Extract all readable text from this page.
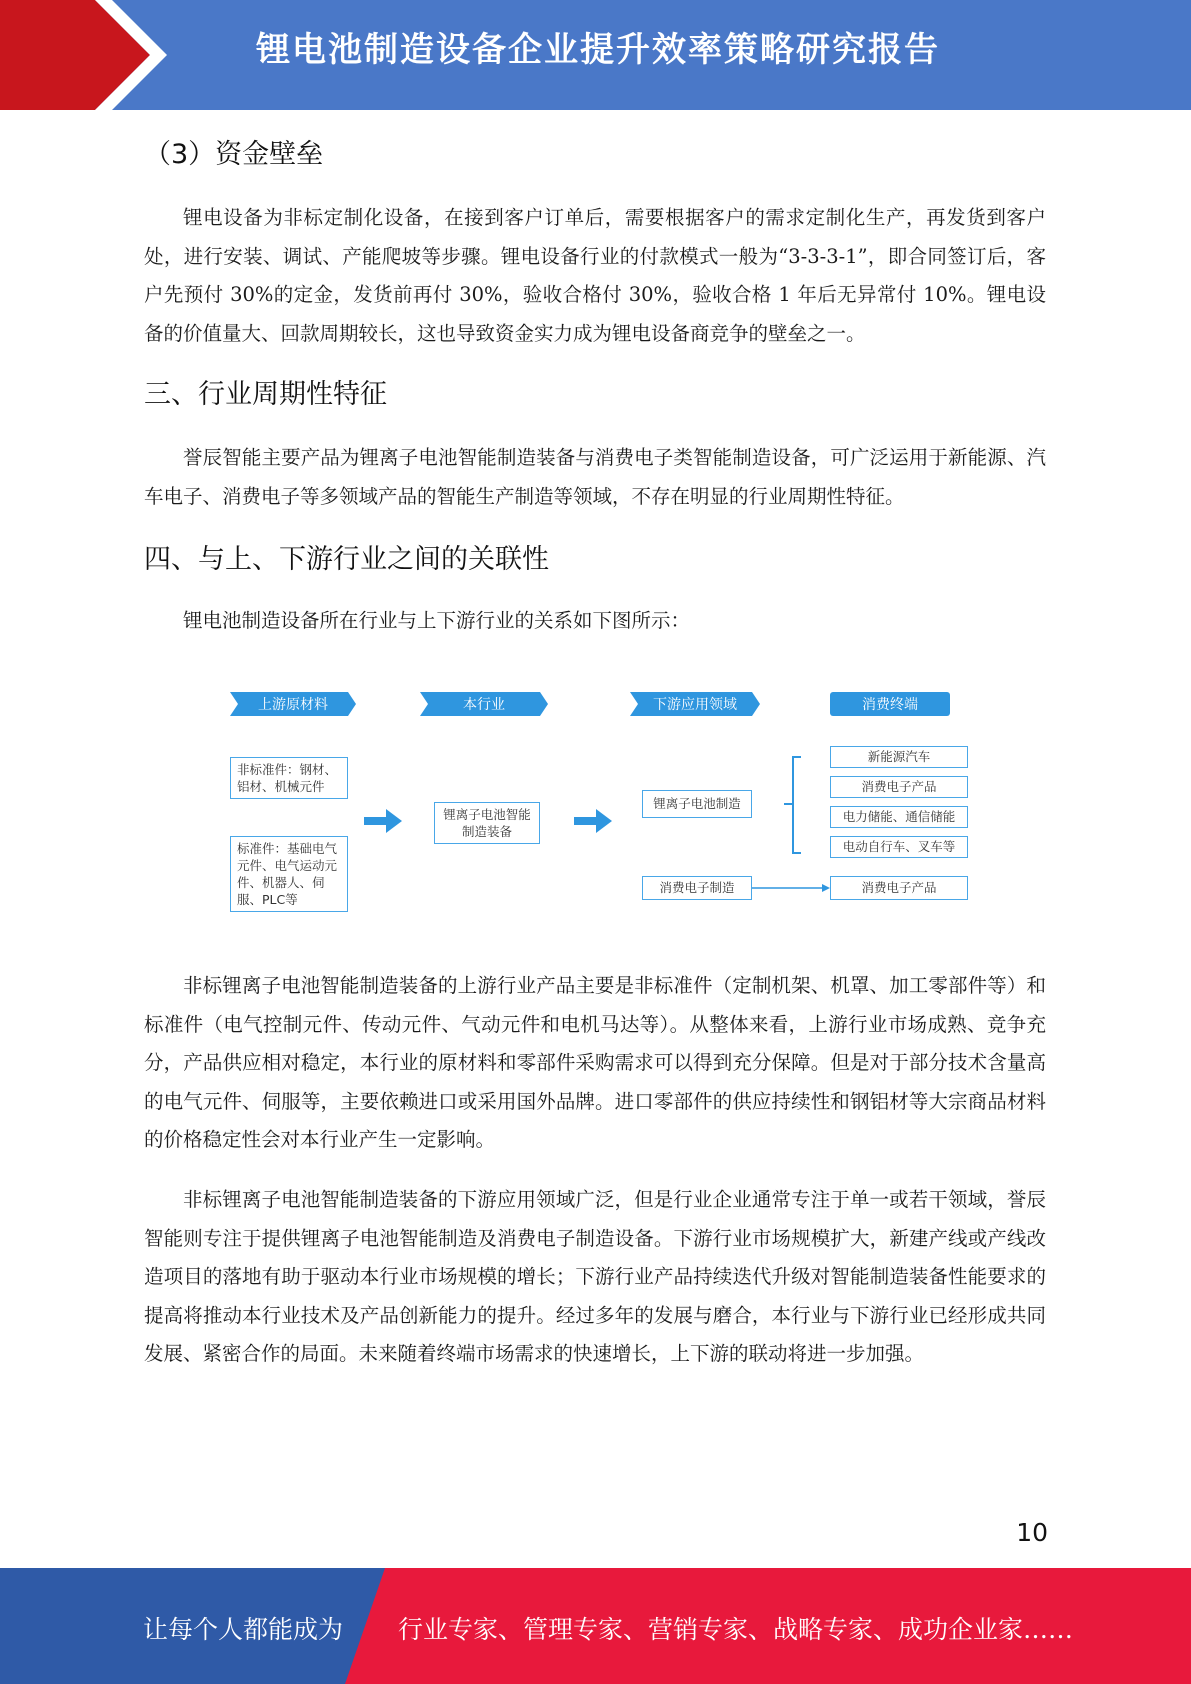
锂电池制造设备企业提升效率策略研究报告
（3）资金壁垒

锂电设备为非标定制化设备，在接到客户订单后，需要根据客户的需求定制化生产，再发货到客户处，进行安装、调试、产能爬坡等步骤。锂电设备行业的付款模式一般为“3-3-3-1”，即合同签订后，客户先预付 30%的定金，发货前再付 30%，验收合格付 30%，验收合格 1 年后无异常付 10%。锂电设备的价值量大、回款周期较长，这也导致资金实力成为锂电设备商竞争的壁垒之一。

三、行业周期性特征

誉辰智能主要产品为锂离子电池智能制造装备与消费电子类智能制造设备，可广泛运用于新能源、汽车电子、消费电子等多领域产品的智能生产制造等领域，不存在明显的行业周期性特征。

四、与上、下游行业之间的关联性

锂电池制造设备所在行业与上下游行业的关系如下图所示：

上游原材料	本行业	下游应用领域	消费终端
非标准件：钢材、铝材、机械元件
标准件：基础电气元件、电气运动元件、机器人、伺服、PLC等
锂离子电池智能制造装备
锂离子电池制造
消费电子制造
新能源汽车
消费电子产品
电力储能、通信储能
电动自行车、叉车等
消费电子产品

非标锂离子电池智能制造装备的上游行业产品主要是非标准件（定制机架、机罩、加工零部件等）和标准件（电气控制元件、传动元件、气动元件和电机马达等）。从整体来看，上游行业市场成熟、竞争充分，产品供应相对稳定，本行业的原材料和零部件采购需求可以得到充分保障。但是对于部分技术含量高的电气元件、伺服等，主要依赖进口或采用国外品牌。进口零部件的供应持续性和钢铝材等大宗商品材料的价格稳定性会对本行业产生一定影响。

非标锂离子电池智能制造装备的下游应用领域广泛，但是行业企业通常专注于单一或若干领域，誉辰智能则专注于提供锂离子电池智能制造及消费电子制造设备。下游行业市场规模扩大，新建产线或产线改造项目的落地有助于驱动本行业市场规模的增长；下游行业产品持续迭代升级对智能制造装备性能要求的提高将推动本行业技术及产品创新能力的提升。经过多年的发展与磨合，本行业与下游行业已经形成共同发展、紧密合作的局面。未来随着终端市场需求的快速增长，上下游的联动将进一步加强。

10
让每个人都能成为 行业专家、管理专家、营销专家、战略专家、成功企业家……
